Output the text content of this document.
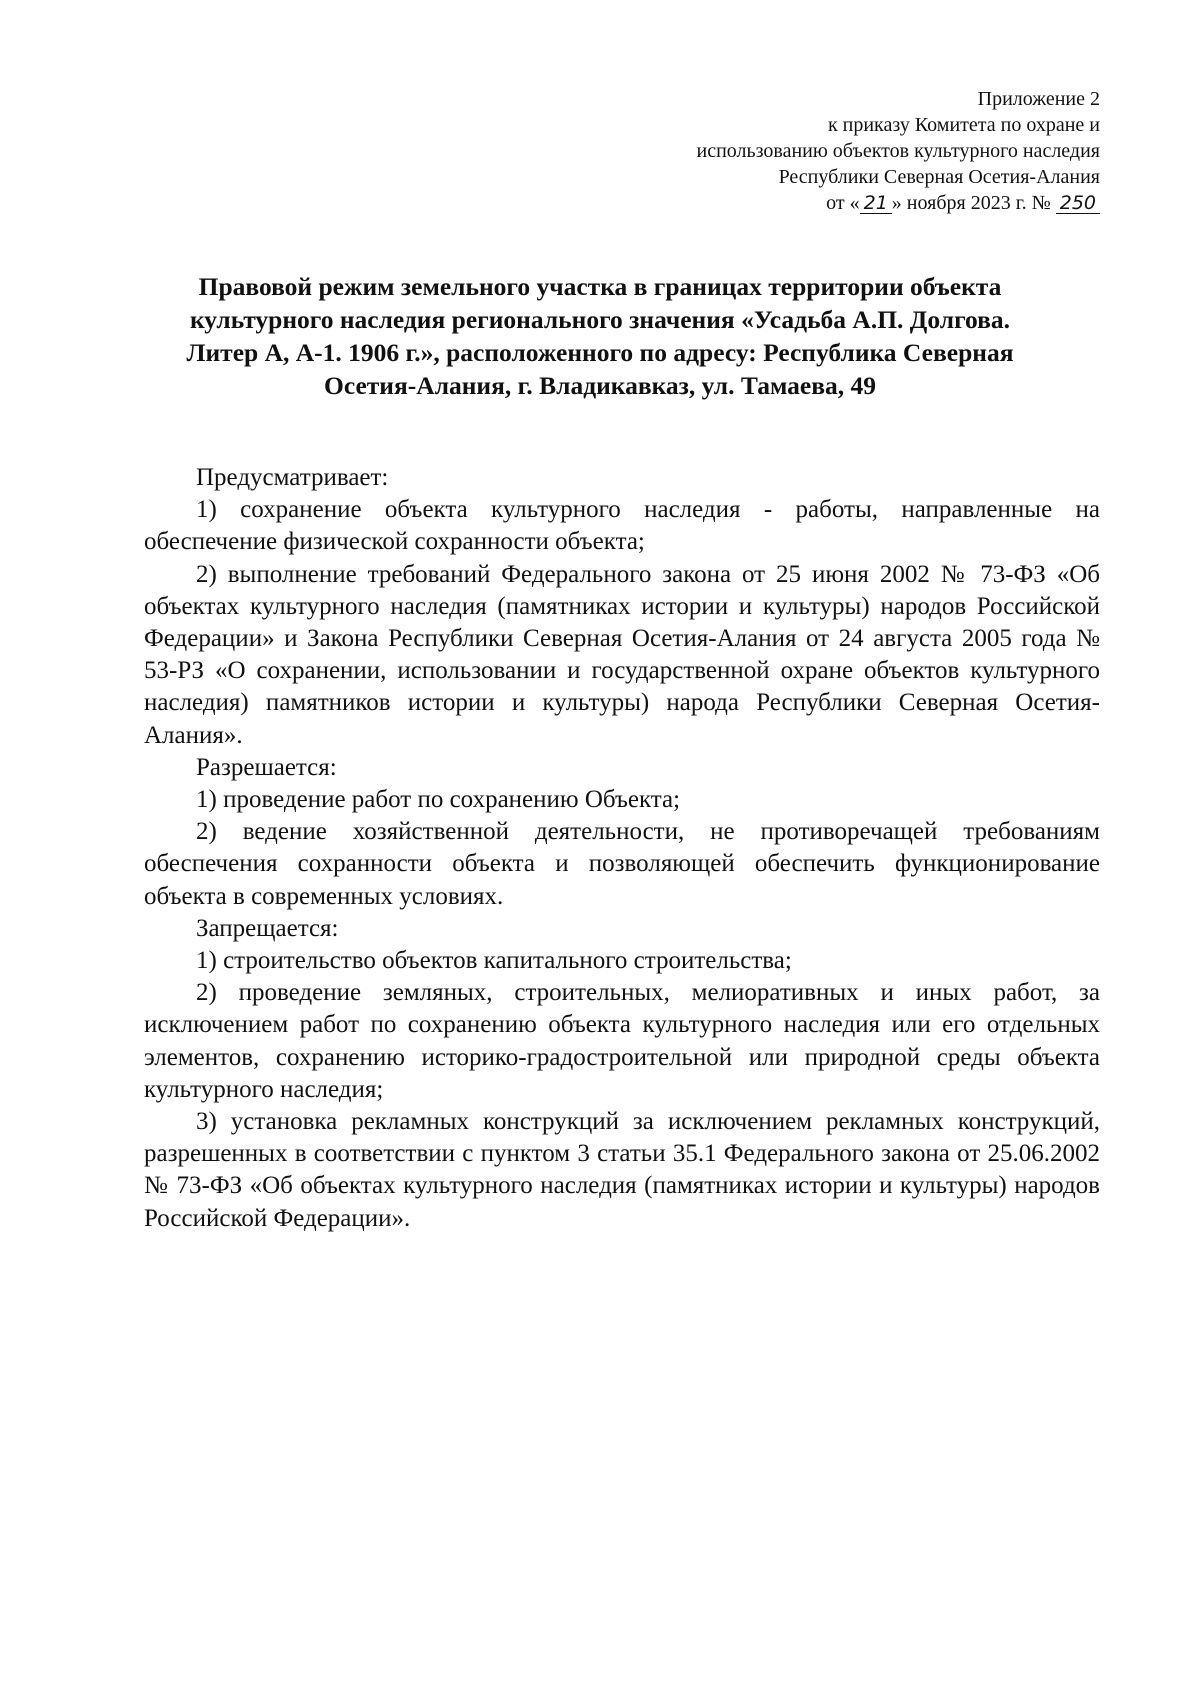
Приложение 2
к приказу Комитета по охране и
использованию объектов культурного наследия
Республики Северная Осетия-Алания
от « 21 » ноября 2023 г. № 250
Правовой режим земельного участка в границах территории объекта
культурного наследия регионального значения «Усадьба А.П. Долгова.
Литер А, А-1. 1906 г.», расположенного по адресу: Республика Северная
Осетия-Алания, г. Владикавказ, ул. Тамаева, 49

Предусматривает:

1) сохранение объекта культурного наследия - работы, направленные на обеспечение физической сохранности объекта;

2) выполнение требований Федерального закона от 25 июня 2002 № 73-ФЗ «Об объектах культурного наследия (памятниках истории и культуры) народов Российской Федерации» и Закона Республики Северная Осетия-Алания от 24 августа 2005 года № 53-РЗ «О сохранении, использовании и государственной охране объектов культурного наследия) памятников истории и культуры) народа Республики Северная Осетия-Алания».

Разрешается:

1) проведение работ по сохранению Объекта;

2) ведение хозяйственной деятельности, не противоречащей требованиям обеспечения сохранности объекта и позволяющей обеспечить функционирование объекта в современных условиях.

Запрещается:

1) строительство объектов капитального строительства;

2) проведение земляных, строительных, мелиоративных и иных работ, за исключением работ по сохранению объекта культурного наследия или его отдельных элементов, сохранению историко-градостроительной или природной среды объекта культурного наследия;

3) установка рекламных конструкций за исключением рекламных конструкций, разрешенных в соответствии с пунктом 3 статьи 35.1 Федерального закона от 25.06.2002 № 73-ФЗ «Об объектах культурного наследия (памятниках истории и культуры) народов Российской Федерации».
